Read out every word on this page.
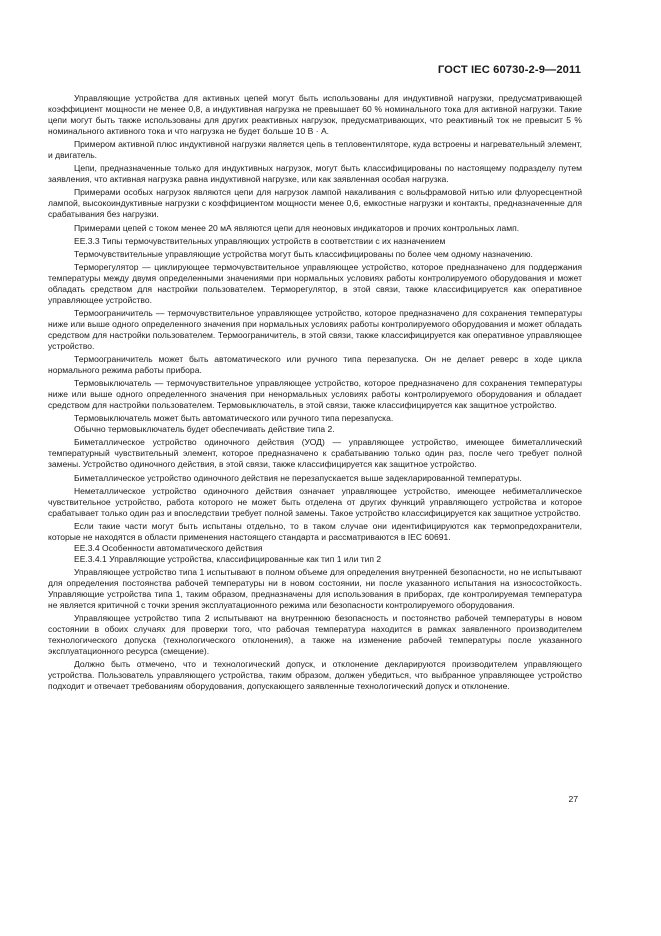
ГОСТ IEC 60730-2-9—2011

Управляющие устройства для активных цепей могут быть использованы для индуктивной нагрузки, предусматривающей коэффициент мощности не менее 0,8, а индуктивная нагрузка не превышает 60 % номинального тока для активной нагрузки. Такие цепи могут быть также использованы для других реактивных нагрузок, предусматривающих, что реактивный ток не превысит 5 % номинального активного тока и что нагрузка не будет больше 10 В · А.

Примером активной плюс индуктивной нагрузки является цепь в тепловентиляторе, куда встроены и нагревательный элемент, и двигатель.

Цепи, предназначенные только для индуктивных нагрузок, могут быть классифицированы по настоящему подразделу путем заявления, что активная нагрузка равна индуктивной нагрузке, или как заявленная особая нагрузка.

Примерами особых нагрузок являются цепи для нагрузок лампой накаливания с вольфрамовой нитью или флуоресцентной лампой, высокоиндуктивные нагрузки с коэффициентом мощности менее 0,6, емкостные нагрузки и контакты, предназначенные для срабатывания без нагрузки.

Примерами цепей с током менее 20 мА являются цепи для неоновых индикаторов и прочих контрольных ламп.

ЕЕ.3.3 Типы термочувствительных управляющих устройств в соответствии с их назначением

Термочувствительные управляющие устройства могут быть классифицированы по более чем одному назначению.

Терморегулятор — циклирующее термочувствительное управляющее устройство, которое предназначено для поддержания температуры между двумя определенными значениями при нормальных условиях работы контролируемого оборудования и может обладать средством для настройки пользователем. Терморегулятор, в этой связи, также классифицируется как оперативное управляющее устройство.

Термоограничитель — термочувствительное управляющее устройство, которое предназначено для сохранения температуры ниже или выше одного определенного значения при нормальных условиях работы контролируемого оборудования и может обладать средством для настройки пользователем. Термоограничитель, в этой связи, также классифицируется как оперативное управляющее устройство.

Термоограничитель может быть автоматического или ручного типа перезапуска. Он не делает реверс в ходе цикла нормального режима работы прибора.

Термовыключатель — термочувствительное управляющее устройство, которое предназначено для сохранения температуры ниже или выше одного определенного значения при ненормальных условиях работы контролируемого оборудования и обладает средством для настройки пользователем. Термовыключатель, в этой связи, также классифицируется как защитное устройство.

Термовыключатель может быть автоматического или ручного типа перезапуска.

Обычно термовыключатель будет обеспечивать действие типа 2.

Биметаллическое устройство одиночного действия (УОД) — управляющее устройство, имеющее биметаллический температурный чувствительный элемент, которое предназначено к срабатыванию только один раз, после чего требует полной замены. Устройство одиночного действия, в этой связи, также классифицируется как защитное устройство.

Биметаллическое устройство одиночного действия не перезапускается выше задекларированной температуры.

Неметаллическое устройство одиночного действия означает управляющее устройство, имеющее небиметаллическое чувствительное устройство, работа которого не может быть отделена от других функций управляющего устройства и которое срабатывает только один раз и впоследствии требует полной замены. Такое устройство классифицируется как защитное устройство.

Если такие части могут быть испытаны отдельно, то в таком случае они идентифицируются как термопредохранители, которые не находятся в области применения настоящего стандарта и рассматриваются в IEC 60691.

ЕЕ.3.4 Особенности автоматического действия

ЕЕ.3.4.1 Управляющие устройства, классифицированные как тип 1 или тип 2

Управляющее устройство типа 1 испытывают в полном объеме для определения внутренней безопасности, но не испытывают для определения постоянства рабочей температуры ни в новом состоянии, ни после указанного испытания на износостойкость. Управляющие устройства типа 1, таким образом, предназначены для использования в приборах, где контролируемая температура не является критичной с точки зрения эксплуатационного режима или безопасности контролируемого оборудования.

Управляющее устройство типа 2 испытывают на внутреннюю безопасность и постоянство рабочей температуры в новом состоянии в обоих случаях для проверки того, что рабочая температура находится в рамках заявленного производителем технологического допуска (технологического отклонения), а также на изменение рабочей температуры после указанного эксплуатационного ресурса (смещение).

Должно быть отмечено, что и технологический допуск, и отклонение декларируются производителем управляющего устройства. Пользователь управляющего устройства, таким образом, должен убедиться, что выбранное управляющее устройство подходит и отвечает требованиям оборудования, допускающего заявленные технологический допуск и отклонение.

27
